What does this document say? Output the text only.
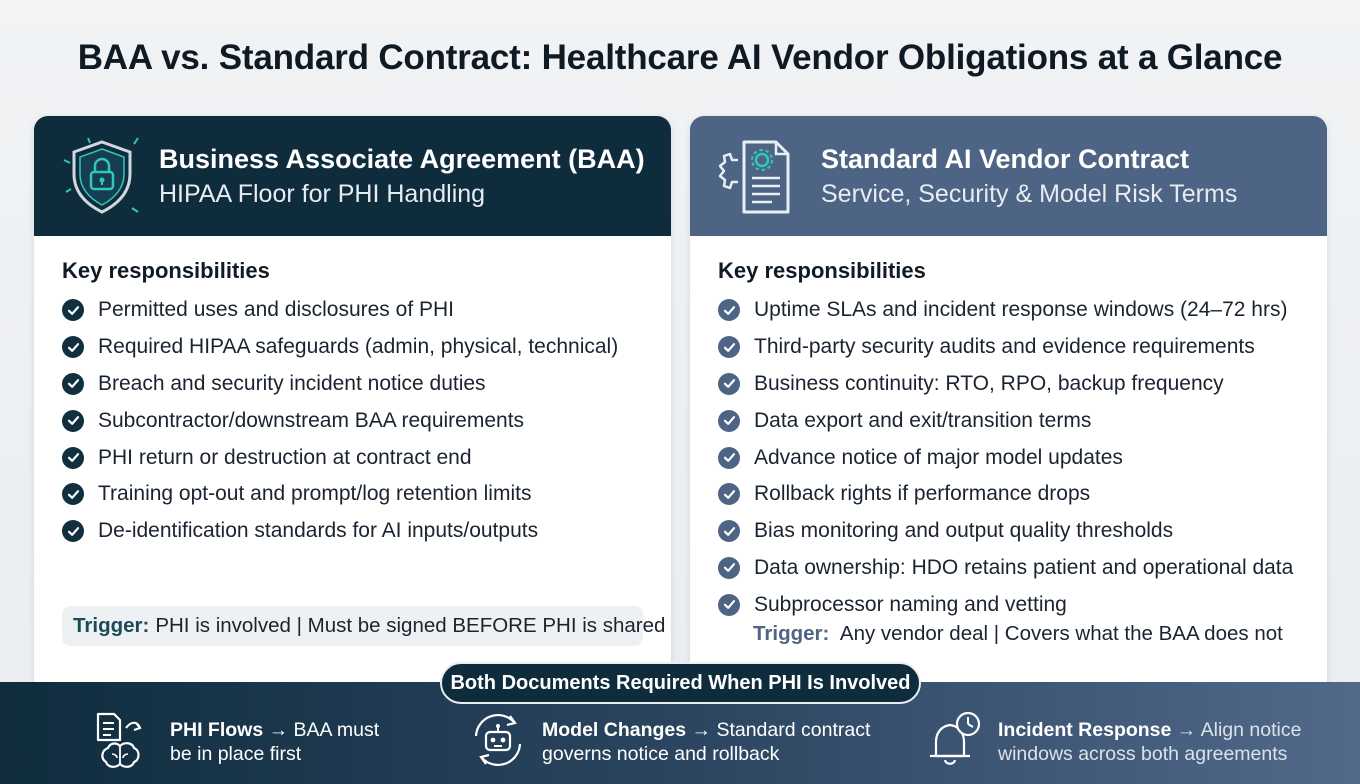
BAA vs. Standard Contract: Healthcare AI Vendor Obligations at a Glance
Business Associate Agreement (BAA)
HIPAA Floor for PHI Handling
Key responsibilities
Permitted uses and disclosures of PHI
Required HIPAA safeguards (admin, physical, technical)
Breach and security incident notice duties
Subcontractor/downstream BAA requirements
PHI return or destruction at contract end
Training opt-out and prompt/log retention limits
De-identification standards for AI inputs/outputs
Trigger: PHI is involved | Must be signed BEFORE PHI is shared
Standard AI Vendor Contract
Service, Security & Model Risk Terms
Key responsibilities
Uptime SLAs and incident response windows (24–72 hrs)
Third-party security audits and evidence requirements
Business continuity: RTO, RPO, backup frequency
Data export and exit/transition terms
Advance notice of major model updates
Rollback rights if performance drops
Bias monitoring and output quality thresholds
Data ownership: HDO retains patient and operational data
Subprocessor naming and vetting
Trigger: Any vendor deal | Covers what the BAA does not
PHI Flows → BAA must
be in place first
Model Changes → Standard contract
governs notice and rollback
Incident Response → Align notice
windows across both agreements
Both Documents Required When PHI Is Involved
